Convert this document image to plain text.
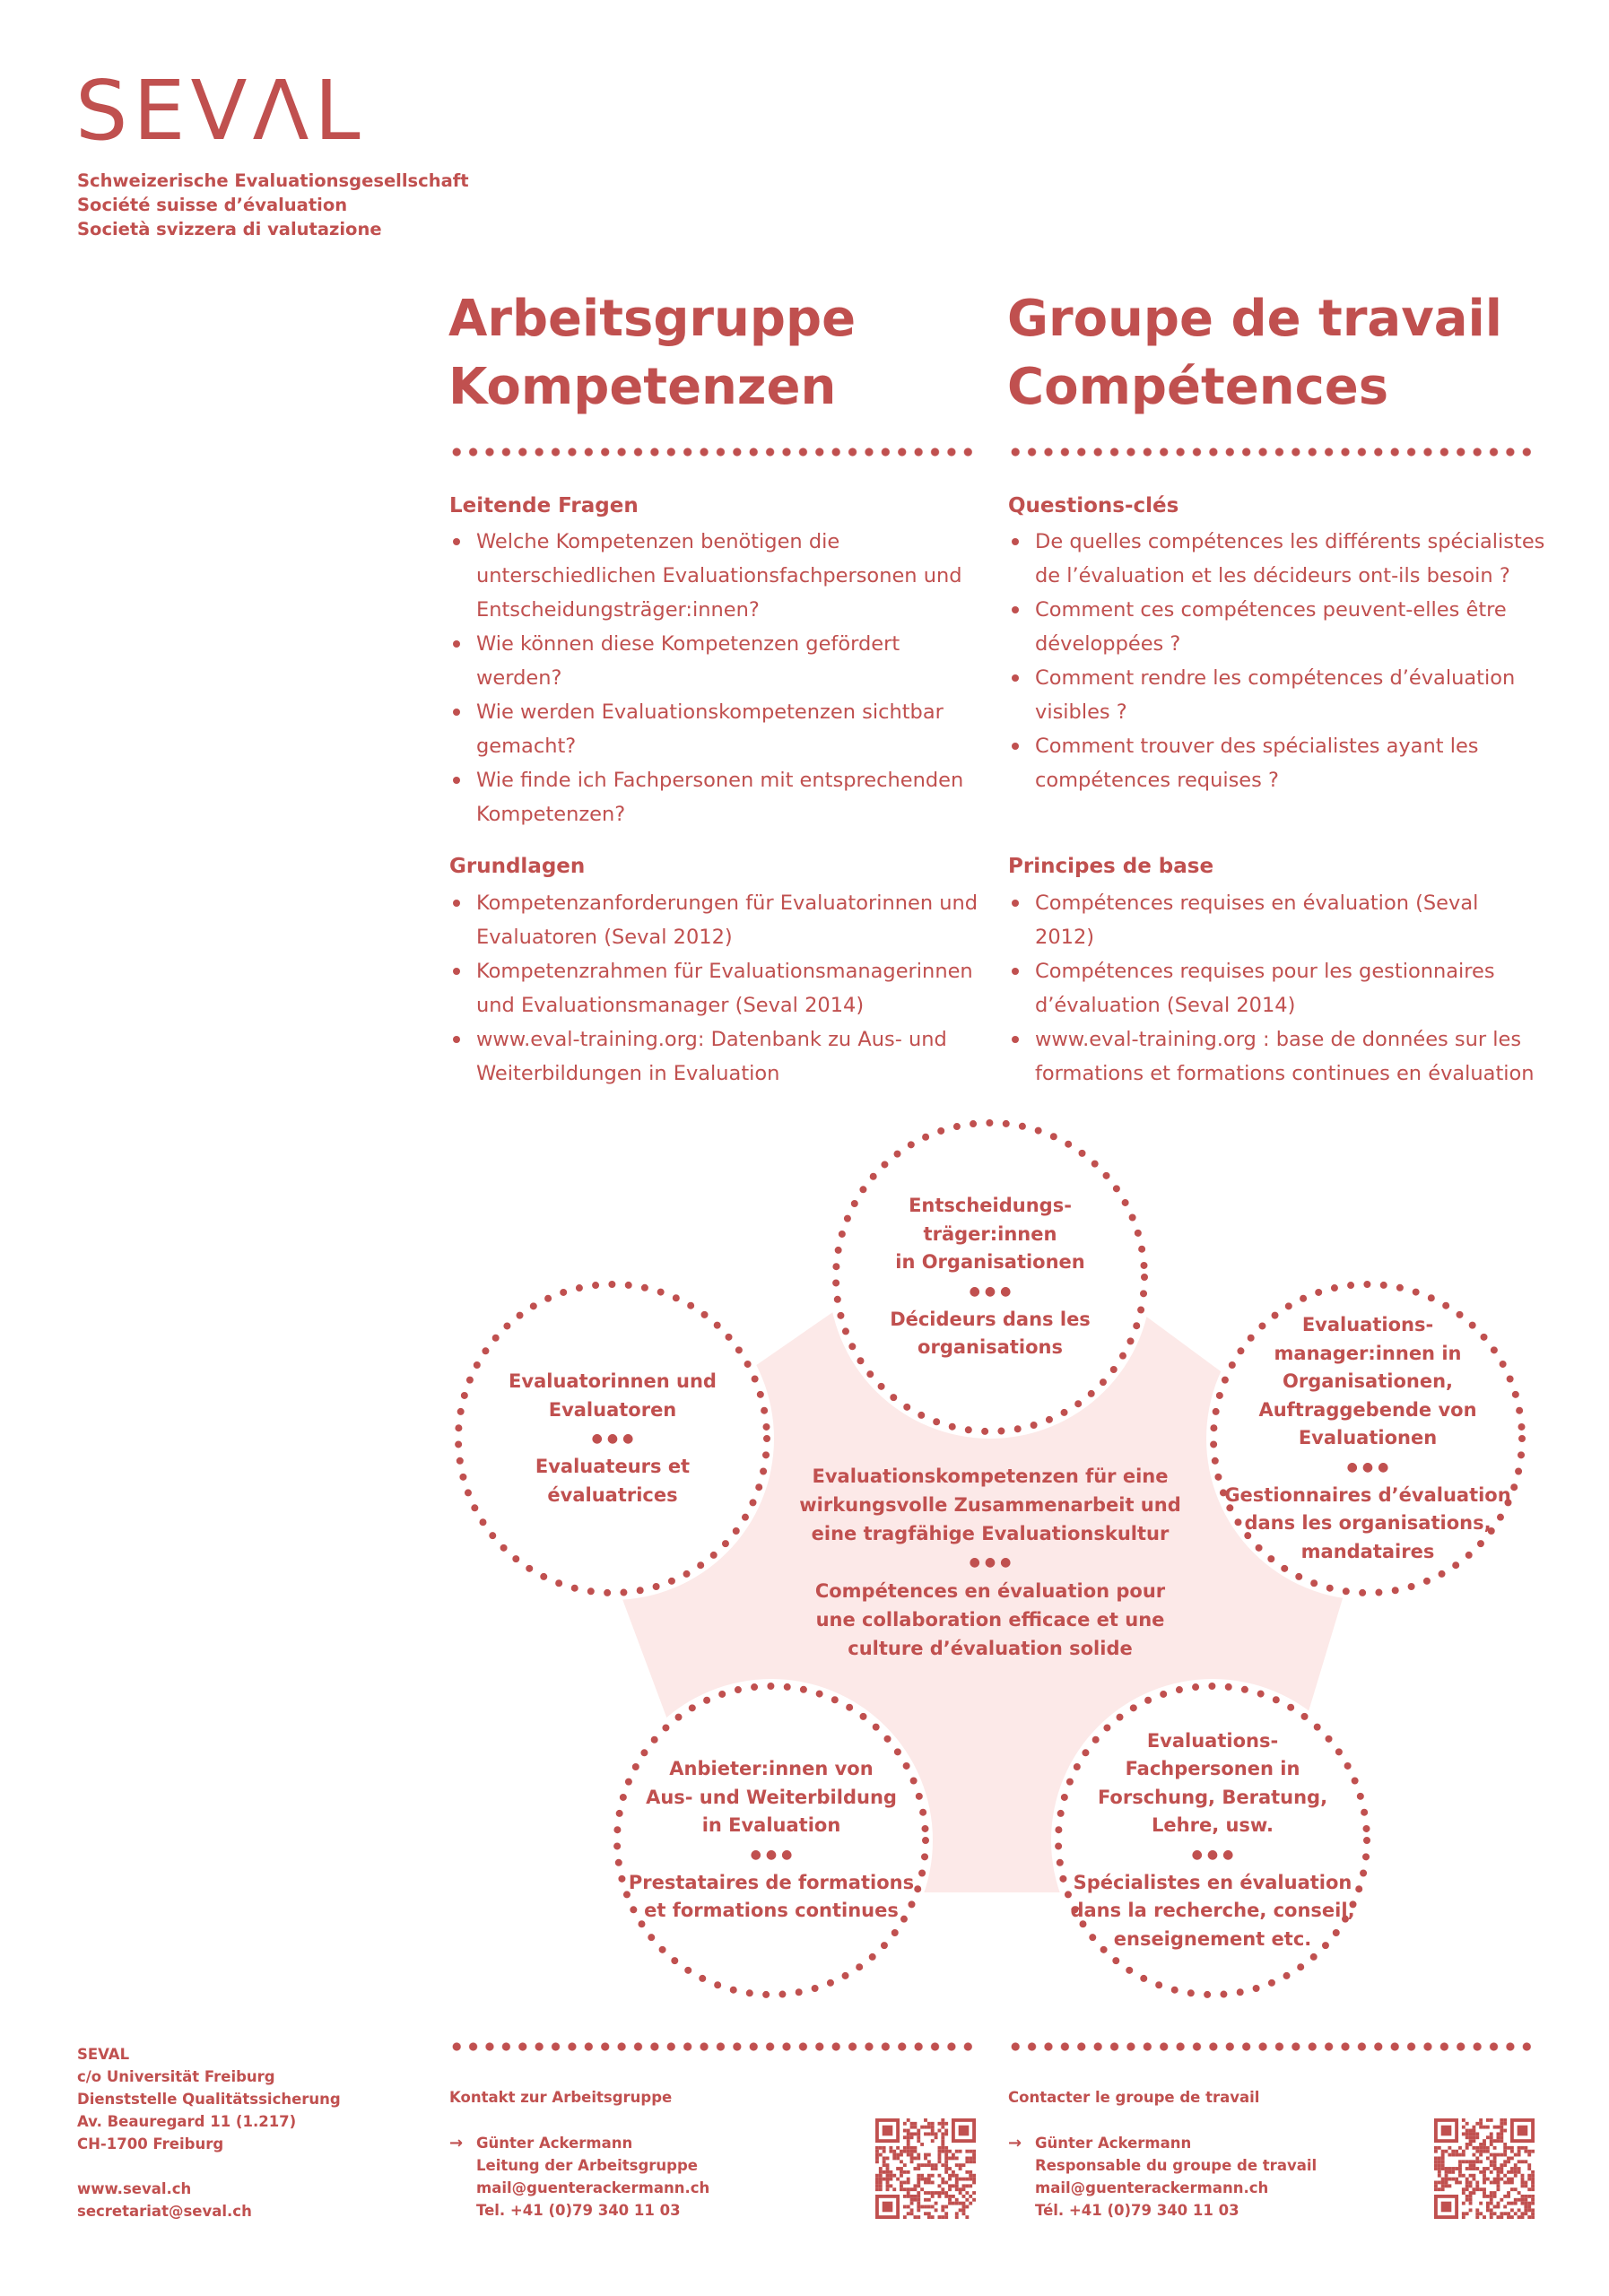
SEVΛL
Schweizerische Evaluationsgesellschaft
Société suisse d’évaluation
Società svizzera di valutazione
Arbeitsgruppe
Kompetenzen
Groupe de travail
Compétences
Leitende Fragen
Welche Kompetenzen benötigen die unterschiedlichen Evaluationsfachpersonen und Entscheidungsträger:innen?
Wie können diese Kompetenzen gefördert werden?
Wie werden Evaluationskompetenzen sichtbar gemacht?
Wie finde ich Fachpersonen mit entsprechenden Kompetenzen?
Grundlagen
Kompetenzanforderungen für Evaluatorinnen und Evaluatoren (Seval 2012)
Kompetenzrahmen für Evaluationsmanagerinnen und Evaluationsmanager (Seval 2014)
www.eval-training.org: Datenbank zu Aus- und Weiterbildungen in Evaluation
Questions-clés
De quelles compétences les différents spécialistes de l’évaluation et les décideurs ont-ils besoin ?
Comment ces compétences peuvent-elles être développées ?
Comment rendre les compétences d’évaluation visibles ?
Comment trouver des spécialistes ayant les compétences requises ?
Principes de base
Compétences requises en évaluation (Seval 2012)
Compétences requises pour les gestionnaires d’évaluation (Seval 2014)
www.eval-training.org : base de données sur les formations et formations continues en évaluation
Entscheidungs-
träger:innen
in Organisationen
●●●
Décideurs dans les
organisations
Evaluatorinnen und
Evaluatoren
●●●
Evaluateurs et
évaluatrices
Evaluations-
manager:innen in
Organisationen,
Auftraggebende von
Evaluationen
●●●
Gestionnaires d’évaluation
dans les organisations,
mandataires
Anbieter:innen von
Aus- und Weiterbildung
in Evaluation
●●●
Prestataires de formations
et formations continues
Evaluations-
Fachpersonen in
Forschung, Beratung,
Lehre, usw.
●●●
Spécialistes en évaluation
dans la recherche, conseil,
enseignement etc.
Evaluationskompetenzen für eine
wirkungsvolle Zusammenarbeit und
eine tragfähige Evaluationskultur
●●●
Compétences en évaluation pour
une collaboration efficace et une
culture d’évaluation solide
SEVAL
c/o Universität Freiburg
Dienststelle Qualitätssicherung
Av. Beauregard 11 (1.217)
CH-1700 Freiburg
www.seval.ch
secretariat@seval.ch
Kontakt zur Arbeitsgruppe
→ Günter Ackermann
Leitung der Arbeitsgruppe
mail@guenterackermann.ch
Tel. +41 (0)79 340 11 03
Contacter le groupe de travail
→ Günter Ackermann
Responsable du groupe de travail
mail@guenterackermann.ch
Tél. +41 (0)79 340 11 03
